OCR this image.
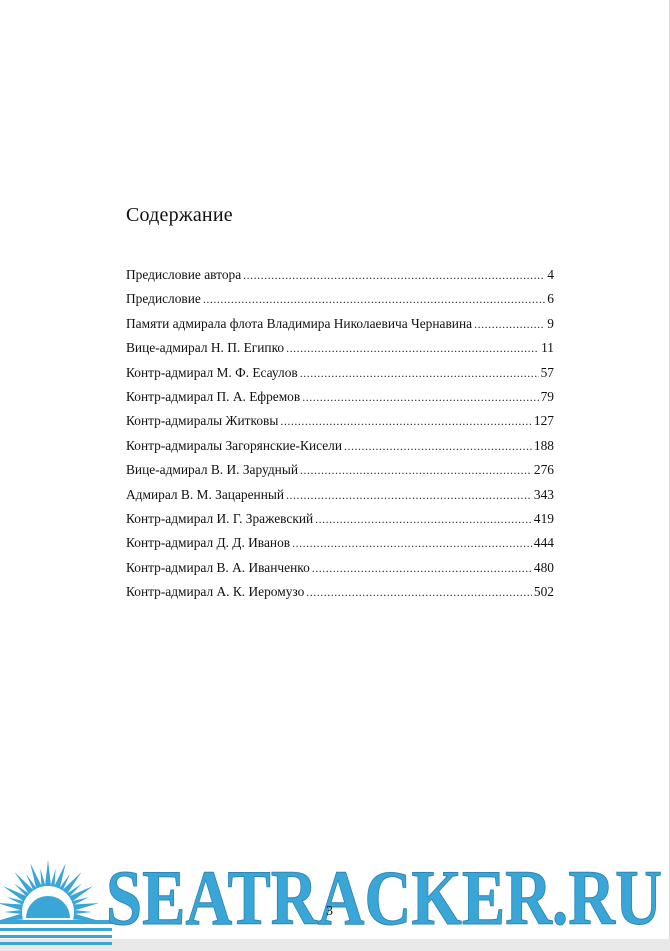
Содержание
Предисловие автора .....	4
Предисловие .....	6
Памяти адмирала флота Владимира Николаевича Чернавина .....	9
Вице-адмирал Н. П. Египко .....	11
Контр-адмирал М. Ф. Есаулов .....	57
Контр-адмирал П. А. Ефремов .....	79
Контр-адмиралы Житковы .....	127
Контр-адмиралы Загорянские-Кисели .....	188
Вице-адмирал В. И. Зарудный .....	276
Адмирал В. М. Зацаренный .....	343
Контр-адмирал И. Г. Зражевский .....	419
Контр-адмирал Д. Д. Иванов .....	444
Контр-адмирал В. А. Иванченко .....	480
Контр-адмирал А. К. Иеромузо .....	502
SEATRACKER.RU
3
